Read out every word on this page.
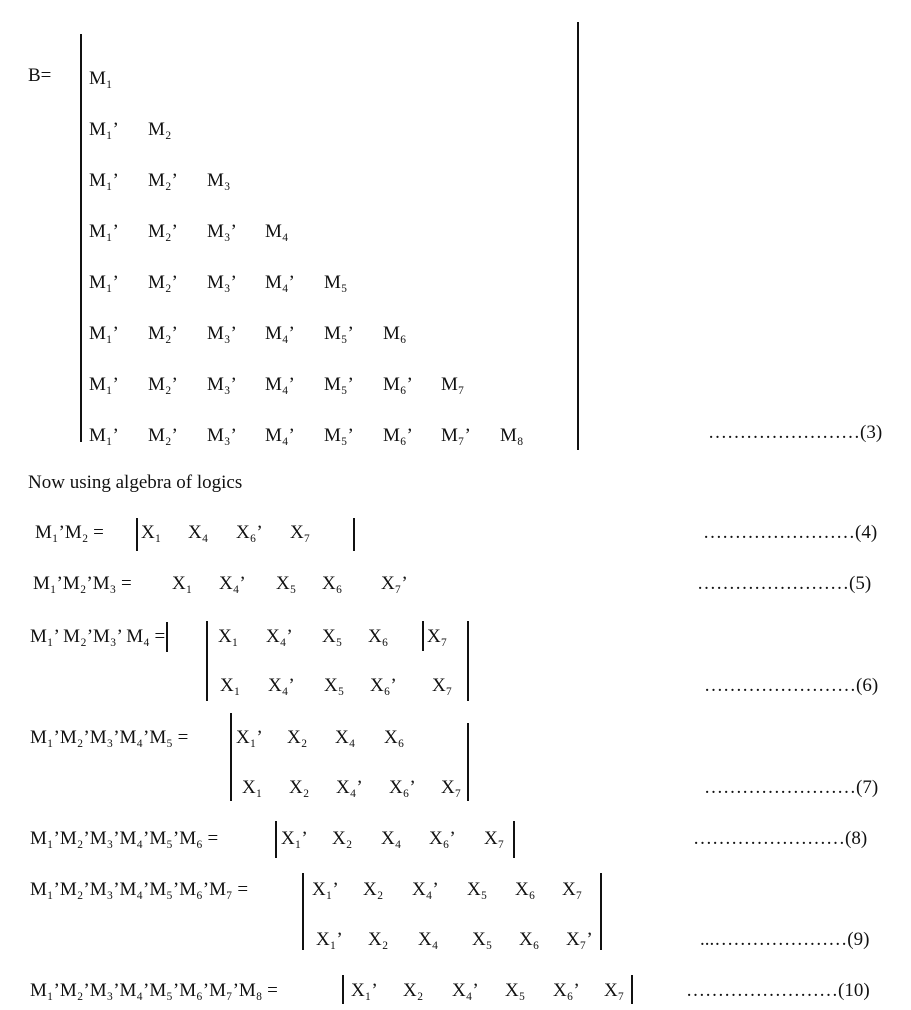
B= M₁
M₁’ M₂
M₁’ M₂’ M₃
M₁’ M₂’ M₃’ M₄
M₁’ M₂’ M₃’ M₄’ M₅
M₁’ M₂’ M₃’ M₄’ M₅’ M₆
M₁’ M₂’ M₃’ M₄’ M₅’ M₆’ M₇
M₁’ M₂’ M₃’ M₄’ M₅’ M₆’ M₇’ M₈	……………………(3)
Now using algebra of logics
M₁’M₂ = X₁ X₄ X₆’ X₇	……………………(4)
M₁’M₂’M₃ = X₁ X₄’ X₅ X₆ X₇’	……………………(5)
M₁’ M₂’M₃’ M₄ =	X₁ X₄’ X₅ X₆ X₇
X₁ X₄’ X₅ X₆’ X₇	……………………(6)
M₁’M₂’M₃’M₄’M₅ =	X₁’ X₂ X₄ X₆
X₁ X₂ X₄’ X₆’ X₇	……………………(7)
M₁’M₂’M₃’M₄’M₅’M₆ =	X₁’ X₂ X₄ X₆’ X₇	……………………(8)
M₁’M₂’M₃’M₄’M₅’M₆’M₇ =	X₁’ X₂ X₄’ X₅ X₆ X₇
X₁’ X₂ X₄ X₅ X₆ X₇’	...…………………(9)
M₁’M₂’M₃’M₄’M₅’M₆’M₇’M₈ =	X₁’ X₂ X₄’ X₅ X₆’ X₇	……………………(10)
